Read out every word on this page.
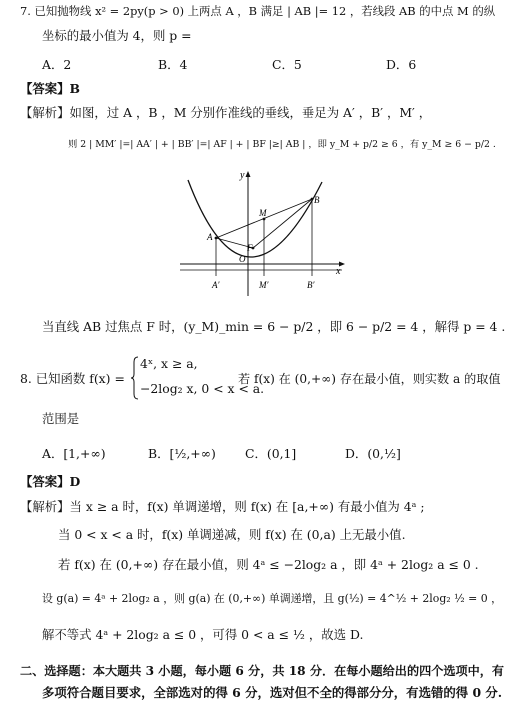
7. 已知抛物线 x² = 2py(p > 0) 上两点 A ，B 满足 | AB |= 12 ，若线段 AB 的中点 M 的纵
坐标的最小值为 4，则 p =
A．2	B．4	C．5	D．6
【答案】B
【解析】如图，过 A ，B ，M 分别作准线的垂线，垂足为 A′ ，B′ ，M′ ，
则 2 | MM′ |=| AA′ | + | BB′ |=| AF | + | BF |≥| AB | ，即 y_M + p/2 ≥ 6 ，有 y_M ≥ 6 − p/2 .
y
x
A
B
M
F
O
A′	M′	B′
当直线 AB 过焦点 F 时，(y_M)_min = 6 − p/2 ，即 6 − p/2 = 4 ，解得 p = 4 .
8. 已知函数 f(x) =
4ˣ, x ≥ a,
−2log₂ x, 0 < x < a.
若 f(x) 在 (0,+∞) 存在最小值，则实数 a 的取值
范围是
A．[1,+∞)	B．[½,+∞) C．(0,1]	D．(0,½]
【答案】D
【解析】当 x ≥ a 时，f(x) 单调递增，则 f(x) 在 [a,+∞) 有最小值为 4ᵃ ;
当 0 < x < a 时，f(x) 单调递减，则 f(x) 在 (0,a) 上无最小值.
若 f(x) 在 (0,+∞) 存在最小值，则 4ᵃ ≤ −2log₂ a ，即 4ᵃ + 2log₂ a ≤ 0 .
设 g(a) = 4ᵃ + 2log₂ a ，则 g(a) 在 (0,+∞) 单调递增，且 g(½) = 4^½ + 2log₂ ½ = 0 ，
解不等式 4ᵃ + 2log₂ a ≤ 0 ，可得 0 < a ≤ ½ ，故选 D.
二、选择题：本大题共 3 小题，每小题 6 分，共 18 分．在每小题给出的四个选项中，有
多项符合题目要求，全部选对的得 6 分，选对但不全的得部分分，有选错的得 0 分.
